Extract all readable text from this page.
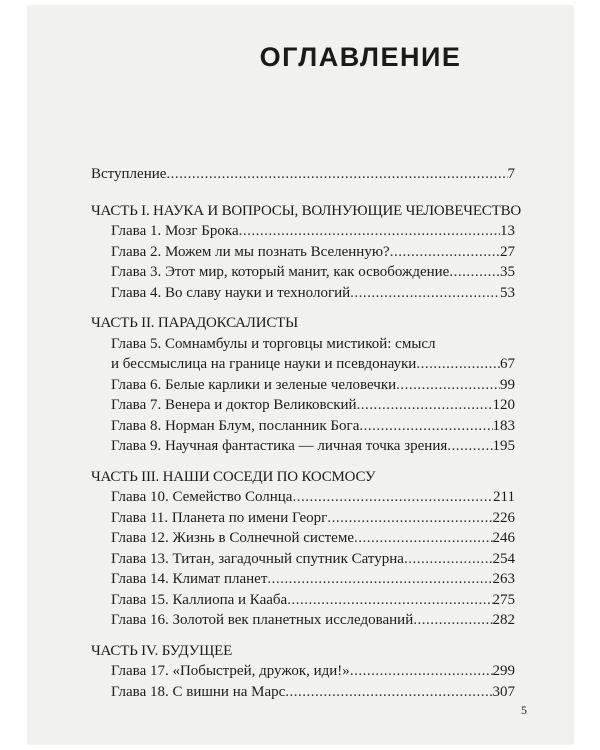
ОГЛАВЛЕНИЕ
Вступление .....	7
ЧАСТЬ I. НАУКА И ВОПРОСЫ, ВОЛНУЮЩИЕ ЧЕЛОВЕЧЕСТВО
Глава 1. Мозг Брока .....	13
Глава 2. Можем ли мы познать Вселенную? .....	27
Глава 3. Этот мир, который манит, как освобождение .....	35
Глава 4. Во славу науки и технологий .....	53
ЧАСТЬ II. ПАРАДОКСАЛИСТЫ
Глава 5. Сомнамбулы и торговцы мистикой: смысл
и бессмыслица на границе науки и псевдонауки .....	67
Глава 6. Белые карлики и зеленые человечки .....	99
Глава 7. Венера и доктор Великовский .....	120
Глава 8. Норман Блум, посланник Бога .....	183
Глава 9. Научная фантастика — личная точка зрения .....	195
ЧАСТЬ III. НАШИ СОСЕДИ ПО КОСМОСУ
Глава 10. Семейство Солнца .....	211
Глава 11. Планета по имени Георг .....	226
Глава 12. Жизнь в Солнечной системе .....	246
Глава 13. Титан, загадочный спутник Сатурна .....	254
Глава 14. Климат планет .....	263
Глава 15. Каллиопа и Кааба .....	275
Глава 16. Золотой век планетных исследований .....	282
ЧАСТЬ IV. БУДУЩЕЕ
Глава 17. «Побыстрей, дружок, иди!» .....	299
Глава 18. С вишни на Марс .....	307
5
